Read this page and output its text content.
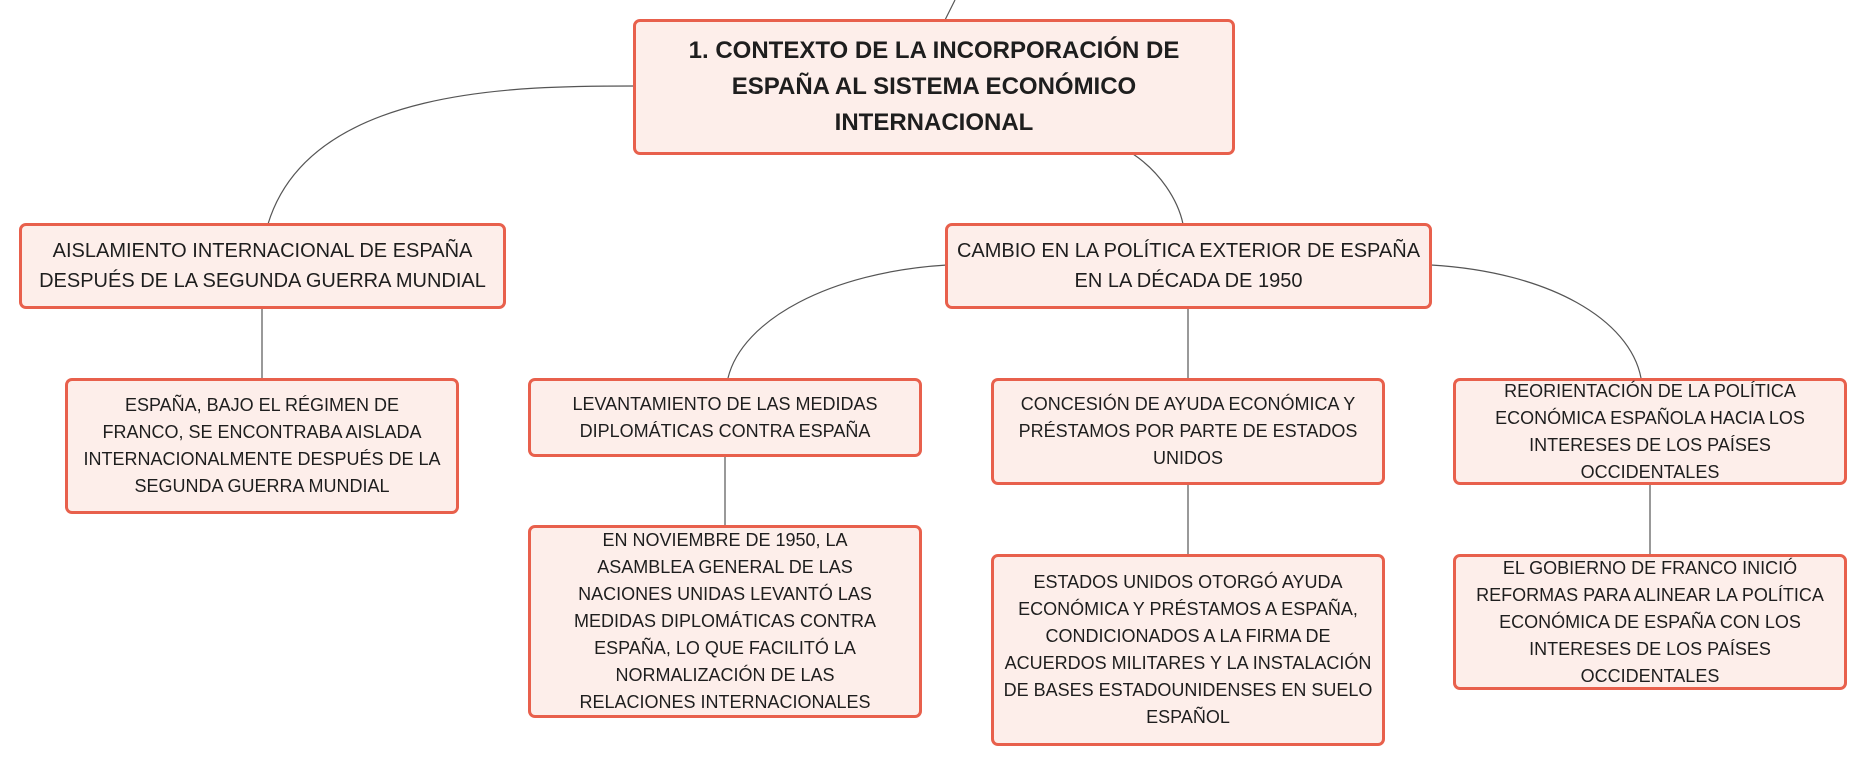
1. CONTEXTO DE LA INCORPORACIÓN DE ESPAÑA AL SISTEMA ECONÓMICO INTERNACIONAL
AISLAMIENTO INTERNACIONAL DE ESPAÑA DESPUÉS DE LA SEGUNDA GUERRA MUNDIAL
CAMBIO EN LA POLÍTICA EXTERIOR DE ESPAÑA EN LA DÉCADA DE 1950
ESPAÑA, BAJO EL RÉGIMEN DE FRANCO, SE ENCONTRABA AISLADA INTERNACIONALMENTE DESPUÉS DE LA SEGUNDA GUERRA MUNDIAL
LEVANTAMIENTO DE LAS MEDIDAS DIPLOMÁTICAS CONTRA ESPAÑA
CONCESIÓN DE AYUDA ECONÓMICA Y PRÉSTAMOS POR PARTE DE ESTADOS UNIDOS
REORIENTACIÓN DE LA POLÍTICA ECONÓMICA ESPAÑOLA HACIA LOS INTERESES DE LOS PAÍSES OCCIDENTALES
EN NOVIEMBRE DE 1950, LA ASAMBLEA GENERAL DE LAS NACIONES UNIDAS LEVANTÓ LAS MEDIDAS DIPLOMÁTICAS CONTRA ESPAÑA, LO QUE FACILITÓ LA NORMALIZACIÓN DE LAS RELACIONES INTERNACIONALES
ESTADOS UNIDOS OTORGÓ AYUDA ECONÓMICA Y PRÉSTAMOS A ESPAÑA, CONDICIONADOS A LA FIRMA DE ACUERDOS MILITARES Y LA INSTALACIÓN DE BASES ESTADOUNIDENSES EN SUELO ESPAÑOL
EL GOBIERNO DE FRANCO INICIÓ REFORMAS PARA ALINEAR LA POLÍTICA ECONÓMICA DE ESPAÑA CON LOS INTERESES DE LOS PAÍSES OCCIDENTALES
